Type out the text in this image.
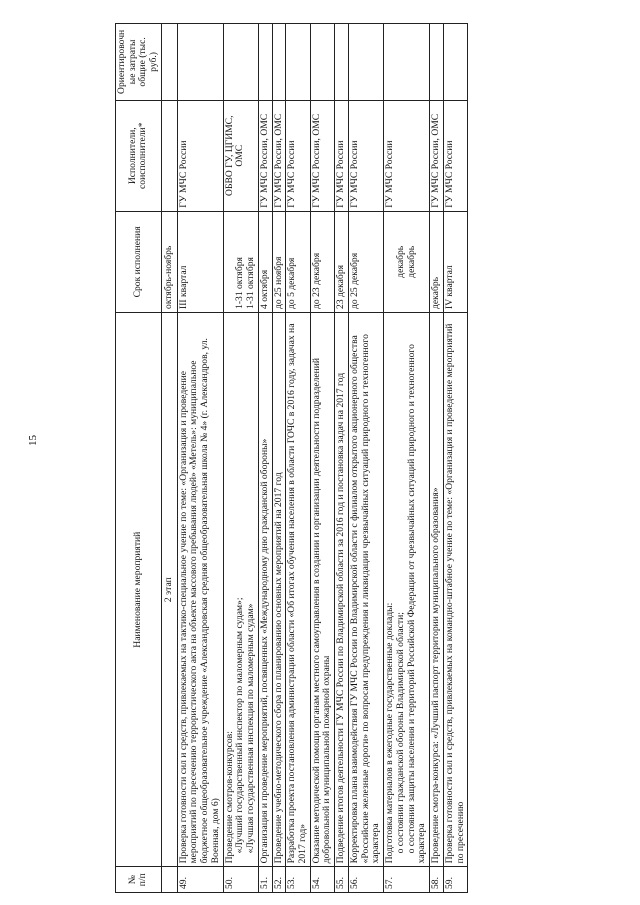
15
№ п/п	Наименование мероприятий	Срок исполнения	Исполнители, соисполнители*	Ориентировочные затраты общие (тыс. руб.)
	2 этап	октябрь-ноябрь		
49.	Проверка готовности сил и средств, привлекаемых на тактико-специальное учение по теме: «Организация и проведение мероприятий по пресечению террористического акта на объекте массового пребывания людей» «Метель»: муниципальное бюджетное общеобразовательное учреждение «Александровская средняя общеобразовательная школа № 4» (г. Александров, ул. Военная, дом 6)	III квартал	ГУ МЧС России	
50.	Проведение смотров-конкурсов: «Лучший государственный инспектор по маломерным судам»; «Лучшая государственная инспекция по маломерным судам»	1-31 октября 1-31 октября	ОБВО ГУ, ЦГИМС, ОМС	
51.	Организация и проведение мероприятий, посвященных «Международному дню гражданской обороны»	4 октября	ГУ МЧС России, ОМС	
52.	Проведение учебно-методического сбора по планированию основных мероприятий на 2017 год	до 25 ноября	ГУ МЧС России, ОМС	
53.	Разработка проекта постановления администрации области «Об итогах обучения населения в области ГОЧС в 2016 году, задачах на 2017 год»	до 5 декабря	ГУ МЧС России	
54.	Оказание методической помощи органам местного самоуправления в создании и организации деятельности подразделений добровольной и муниципальной пожарной охраны	до 23 декабря	ГУ МЧС России, ОМС	
55.	Подведение итогов деятельности ГУ МЧС России по Владимирской области за 2016 год и постановка задач на 2017 год	23 декабря	ГУ МЧС России	
56.	Корректировка плана взаимодействия ГУ МЧС России по Владимирской области с филиалом открытого акционерного общества «Российские железные дороги» по вопросам предупреждения и ликвидации чрезвычайных ситуаций природного и техногенного характера	до 25 декабря	ГУ МЧС России	
57.	Подготовка материалов в ежегодные государственные доклады: о состоянии гражданской обороны Владимирской области; о состоянии защиты населения и территорий Российской Федерации от чрезвычайных ситуаций природного и техногенного характера	декабрь декабрь	ГУ МЧС России	
58.	Проведение смотра-конкурса: «Лучший паспорт территории муниципального образования»	декабрь	ГУ МЧС России, ОМС	
59.	Проверка готовности сил и средств, привлекаемых на командно-штабное учение по теме: «Организация и проведение мероприятий по пресечению	IV квартал	ГУ МЧС России	
